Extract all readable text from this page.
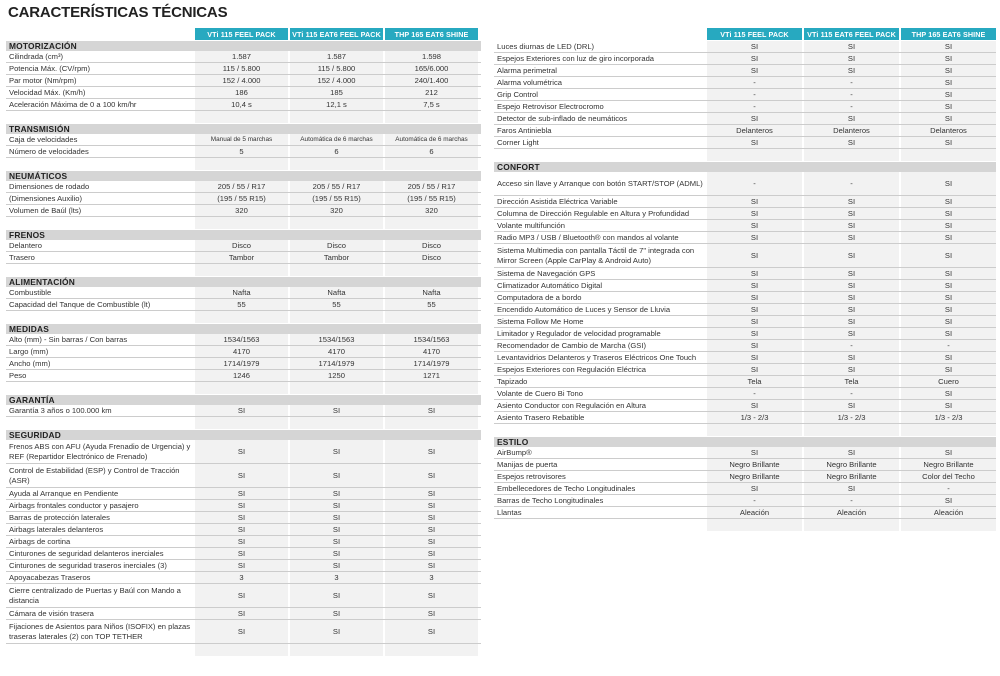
CARACTERÍSTICAS TÉCNICAS
VTi 115 FEEL PACK	VTi 115 EAT6 FEEL PACK	THP 165 EAT6 SHINE
MOTORIZACIÓN
Cilindrada (cm³)	1.587	1.587	1.598
Potencia Máx. (CV/rpm)	115 / 5.800	115 / 5.800	165/6.000
Par motor (Nm/rpm)	152 / 4.000	152 / 4.000	240/1.400
Velocidad Máx. (Km/h)	186	185	212
Aceleración Máxima de 0 a 100 km/hr	10,4 s	12,1 s	7,5 s
TRANSMISIÓN
Caja de velocidades	Manual de 5 marchas	Automática de 6 marchas	Automática de 6 marchas
Número de velocidades	5	6	6
NEUMÁTICOS
Dimensiones de rodado	205 / 55 / R17	205 / 55 / R17	205 / 55 / R17
(Dimensiones Auxilio)	(195 / 55 R15)	(195 / 55 R15)	(195 / 55 R15)
Volumen de Baúl (lts)	320	320	320
FRENOS
Delantero	Disco	Disco	Disco
Trasero	Tambor	Tambor	Disco
ALIMENTACIÓN
Combustible	Nafta	Nafta	Nafta
Capacidad del Tanque de Combustible (lt)	55	55	55
MEDIDAS
Alto (mm) - Sin barras / Con barras	1534/1563	1534/1563	1534/1563
Largo (mm)	4170	4170	4170
Ancho (mm)	1714/1979	1714/1979	1714/1979
Peso	1246	1250	1271
GARANTÍA
Garantía 3 años o 100.000 km	SI	SI	SI
SEGURIDAD
Frenos ABS con AFU (Ayuda Frenadio de Urgencia) y REF (Repartidor Electrónico de Frenado)
SI	SI	SI
Control de Estabilidad (ESP) y Control de Tracción (ASR)
SI	SI	SI
Ayuda al Arranque en Pendiente	SI	SI	SI
Airbags frontales conductor y pasajero	SI	SI	SI
Barras de protección laterales	SI	SI	SI
Airbags laterales delanteros	SI	SI	SI
Airbags de cortina	SI	SI	SI
Cinturones de seguridad delanteros inerciales	SI	SI	SI
Cinturones de seguridad traseros inerciales (3)	SI	SI	SI
Apoyacabezas Traseros	3	3	3
Cierre centralizado de Puertas y Baúl con Mando a distancia
SI	SI	SI
Cámara de visión trasera	SI	SI	SI
Fijaciones de Asientos para Niños (ISOFIX) en plazas traseras laterales (2) con TOP TETHER
SI	SI	SI
VTi 115 FEEL PACK	VTi 115 EAT6 FEEL PACK	THP 165 EAT6 SHINE
Luces diurnas de LED (DRL)	SI	SI	SI
Espejos Exteriores con luz de giro incorporada	SI	SI	SI
Alarma perimetral	SI	SI	SI
Alarma volumétrica	-	-	SI
Grip Control	-	-	SI
Espejo Retrovisor Electrocromo	-	-	SI
Detector de sub-inflado de neumáticos	SI	SI	SI
Faros Antiniebla	Delanteros	Delanteros	Delanteros
Corner Light	SI	SI	SI
CONFORT
Acceso sin llave y Arranque con botón START/STOP (ADML)	-	-	SI
Dirección Asistida Eléctrica Variable	SI	SI	SI
Columna de Dirección Regulable en Altura y Profundidad	SI	SI	SI
Volante multifunción	SI	SI	SI
Radio MP3 / USB / Bluetooth® con mandos al volante	SI	SI	SI
Sistema Multimedia con pantalla Táctil de 7" integrada con Mirror Screen (Apple CarPlay & Android Auto)
SI	SI	SI
Sistema de Navegación GPS	SI	SI	SI
Climatizador Automático Digital	SI	SI	SI
Computadora de a bordo	SI	SI	SI
Encendido Automático de Luces y Sensor de Lluvia	SI	SI	SI
Sistema Follow Me Home	SI	SI	SI
Limitador y Regulador de velocidad programable	SI	SI	SI
Recomendador de Cambio de Marcha (GSI)	SI	-	-
Levantavidrios Delanteros y Traseros Eléctricos One Touch	SI	SI	SI
Espejos Exteriores con Regulación Eléctrica	SI	SI	SI
Tapizado	Tela	Tela	Cuero
Volante de Cuero Bi Tono	-	-	SI
Asiento Conductor con Regulación en Altura	SI	SI	SI
Asiento Trasero Rebatible	1/3 - 2/3	1/3 - 2/3	1/3 - 2/3
ESTILO
AirBump®	SI	SI	SI
Manijas de puerta	Negro Brillante	Negro Brillante	Negro Brillante
Espejos retrovisores	Negro Brillante	Negro Brillante	Color del Techo
Embellecedores de Techo Longitudinales	SI	SI	-
Barras de Techo Longitudinales	-	-	SI
Llantas	Aleación	Aleación	Aleación
